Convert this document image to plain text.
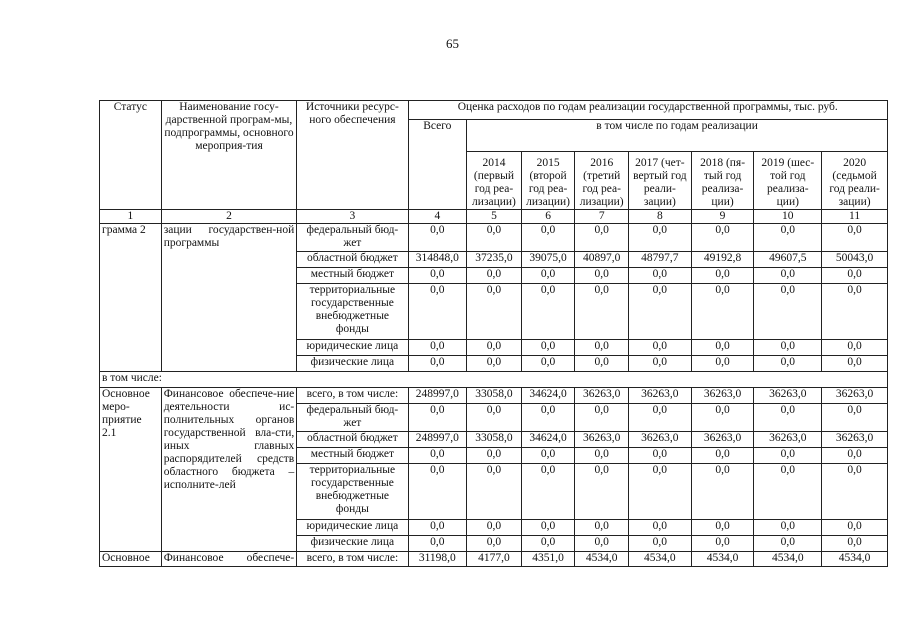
65
Статус	Наименование госу-дарственной програм-мы, подпрограммы, основного мероприя-тия	Источники ресурс-ного обеспечения	Оценка расходов по годам реализации государственной программы, тыс. руб.							
			Всего	в том числе по годам реализации						
				2014 (первый год реа-лизации)	2015 (второй год реа-лизации)	2016 (третий год реа-лизации)	2017 (чет-вертый год реали-зации)	2018 (пя-тый год реализа-ции)	2019 (шес-той год реализа-ции)	2020 (седьмой год реали-зации)
1	2	3	4	5	6	7	8	9	10	11
грамма 2	зации государствен-ной программы	федеральный бюд-жет	0,0	0,0	0,0	0,0	0,0	0,0	0,0	0,0
		областной бюджет	314848,0	37235,0	39075,0	40897,0	48797,7	49192,8	49607,5	50043,0
		местный бюджет	0,0	0,0	0,0	0,0	0,0	0,0	0,0	0,0
		территориальные государственные внебюджетные фонды	0,0	0,0	0,0	0,0	0,0	0,0	0,0	0,0
		юридические лица	0,0	0,0	0,0	0,0	0,0	0,0	0,0	0,0
		физические лица	0,0	0,0	0,0	0,0	0,0	0,0	0,0	0,0
в том числе:										
Основное меро-приятие 2.1	Финансовое обеспече-ние деятельности ис-полнительных органов государственной вла-сти, иных главных распорядителей средств областного бюджета – исполните-лей	всего, в том числе:	248997,0	33058,0	34624,0	36263,0	36263,0	36263,0	36263,0	36263,0
		федеральный бюд-жет	0,0	0,0	0,0	0,0	0,0	0,0	0,0	0,0
		областной бюджет	248997,0	33058,0	34624,0	36263,0	36263,0	36263,0	36263,0	36263,0
		местный бюджет	0,0	0,0	0,0	0,0	0,0	0,0	0,0	0,0
		территориальные государственные внебюджетные фонды	0,0	0,0	0,0	0,0	0,0	0,0	0,0	0,0
		юридические лица	0,0	0,0	0,0	0,0	0,0	0,0	0,0	0,0
		физические лица	0,0	0,0	0,0	0,0	0,0	0,0	0,0	0,0
Основное	Финансовое обеспече-	всего, в том числе:	31198,0	4177,0	4351,0	4534,0	4534,0	4534,0	4534,0	4534,0
